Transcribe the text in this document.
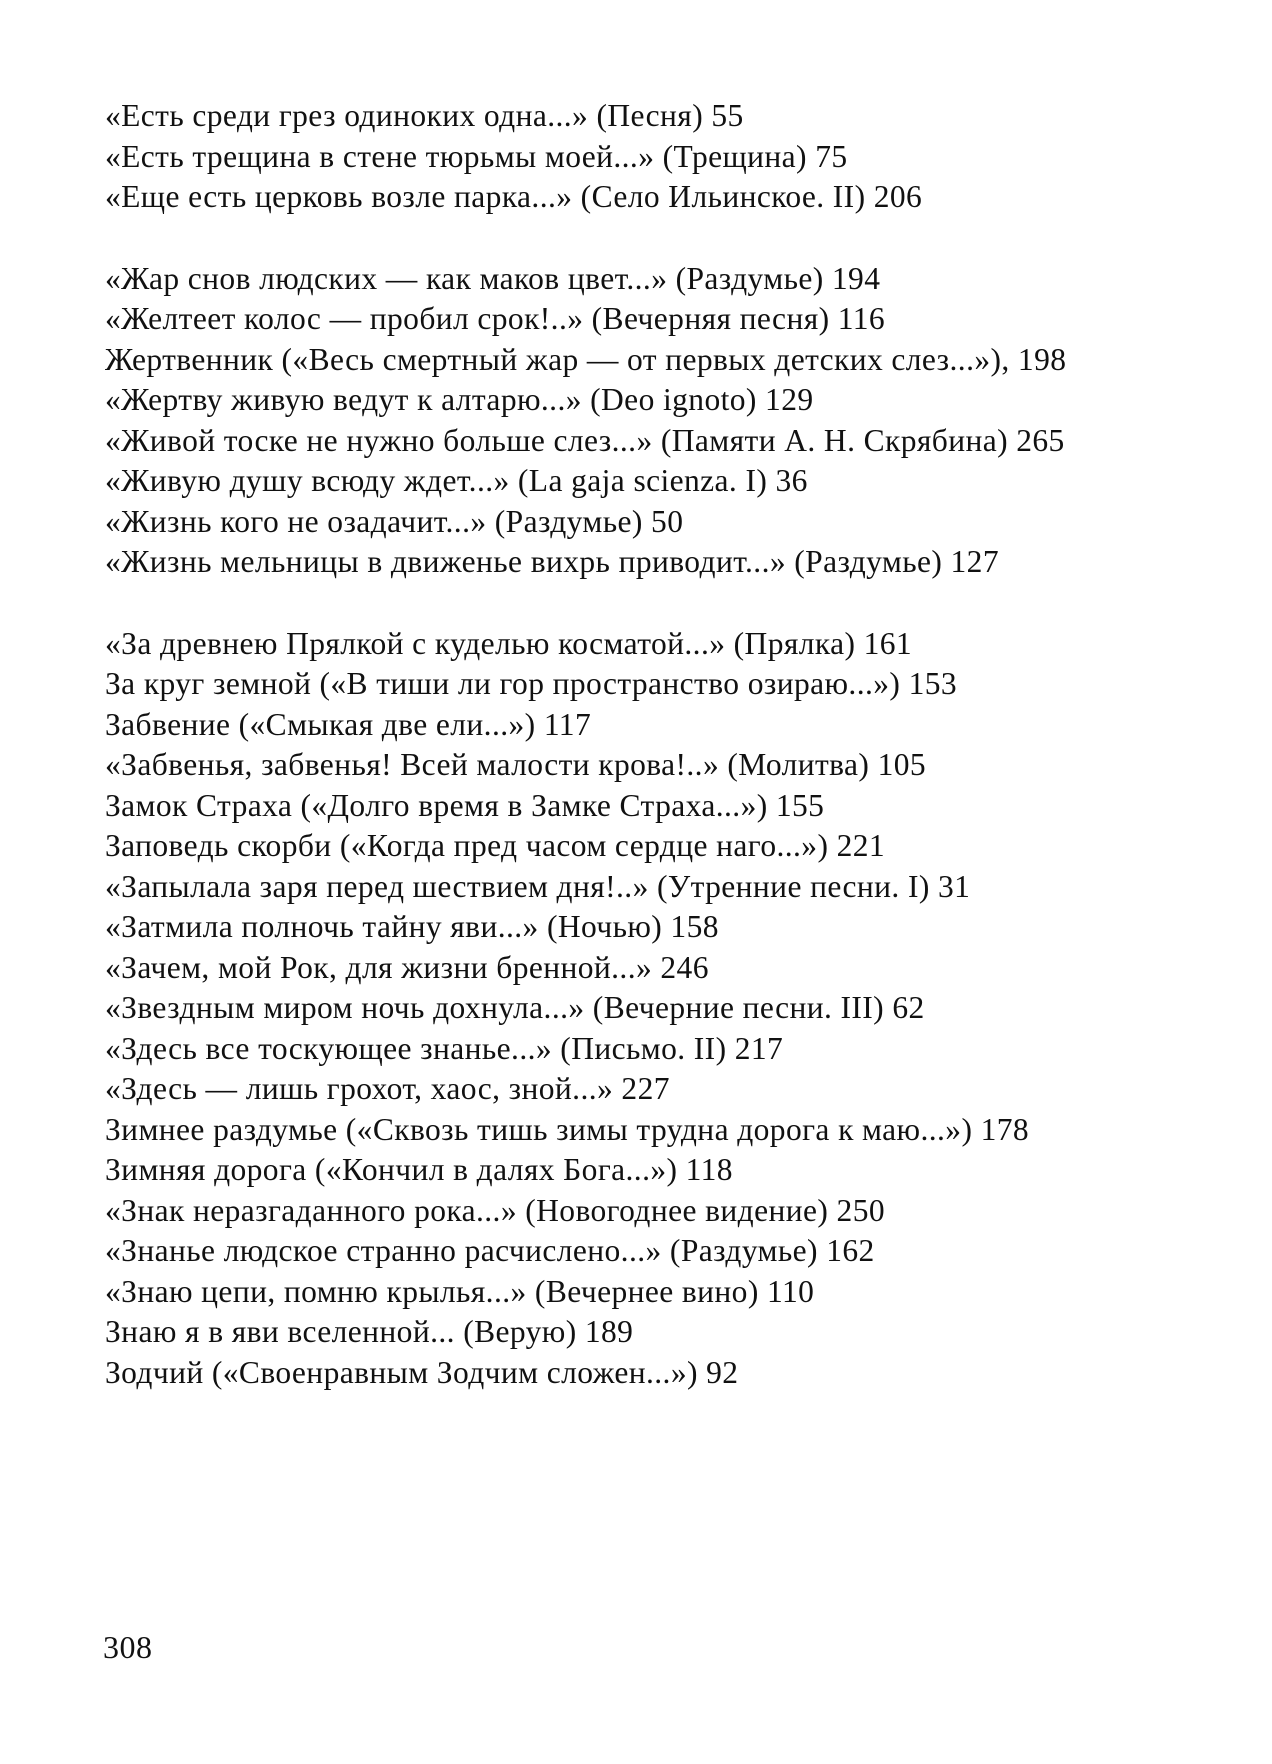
«Есть среди грез одиноких одна...» (Песня) 55
«Есть трещина в стене тюрьмы моей...» (Трещина) 75
«Еще есть церковь возле парка...» (Село Ильинское. II) 206
«Жар снов людских — как маков цвет...» (Раздумье) 194
«Желтеет колос — пробил срок!..» (Вечерняя песня) 116
Жертвенник («Весь смертный жар — от первых детских слез...»), 198
«Жертву живую ведут к алтарю...» (Deo ignoto) 129
«Живой тоске не нужно больше слез...» (Памяти А. Н. Скрябина) 265
«Живую душу всюду ждет...» (La gaja scienza. I) 36
«Жизнь кого не озадачит...» (Раздумье) 50
«Жизнь мельницы в движенье вихрь приводит...» (Раздумье) 127
«За древнею Прялкой с куделью косматой...» (Прялка) 161
За круг земной («В тиши ли гор пространство озираю...») 153
Забвение («Смыкая две ели...») 117
«Забвенья, забвенья! Всей малости крова!..» (Молитва) 105
Замок Страха («Долго время в Замке Страха...») 155
Заповедь скорби («Когда пред часом сердце наго...») 221
«Запылала заря перед шествием дня!..» (Утренние песни. I) 31
«Затмила полночь тайну яви...» (Ночью) 158
«Зачем, мой Рок, для жизни бренной...» 246
«Звездным миром ночь дохнула...» (Вечерние песни. III) 62
«Здесь все тоскующее знанье...» (Письмо. II) 217
«Здесь — лишь грохот, хаос, зной...» 227
Зимнее раздумье («Сквозь тишь зимы трудна дорога к маю...») 178
Зимняя дорога («Кончил в далях Бога...») 118
«Знак неразгаданного рока...» (Новогоднее видение) 250
«Знанье людское странно расчислено...» (Раздумье) 162
«Знаю цепи, помню крылья...» (Вечернее вино) 110
Знаю я в яви вселенной... (Верую) 189
Зодчий («Своенравным Зодчим сложен...») 92
308
